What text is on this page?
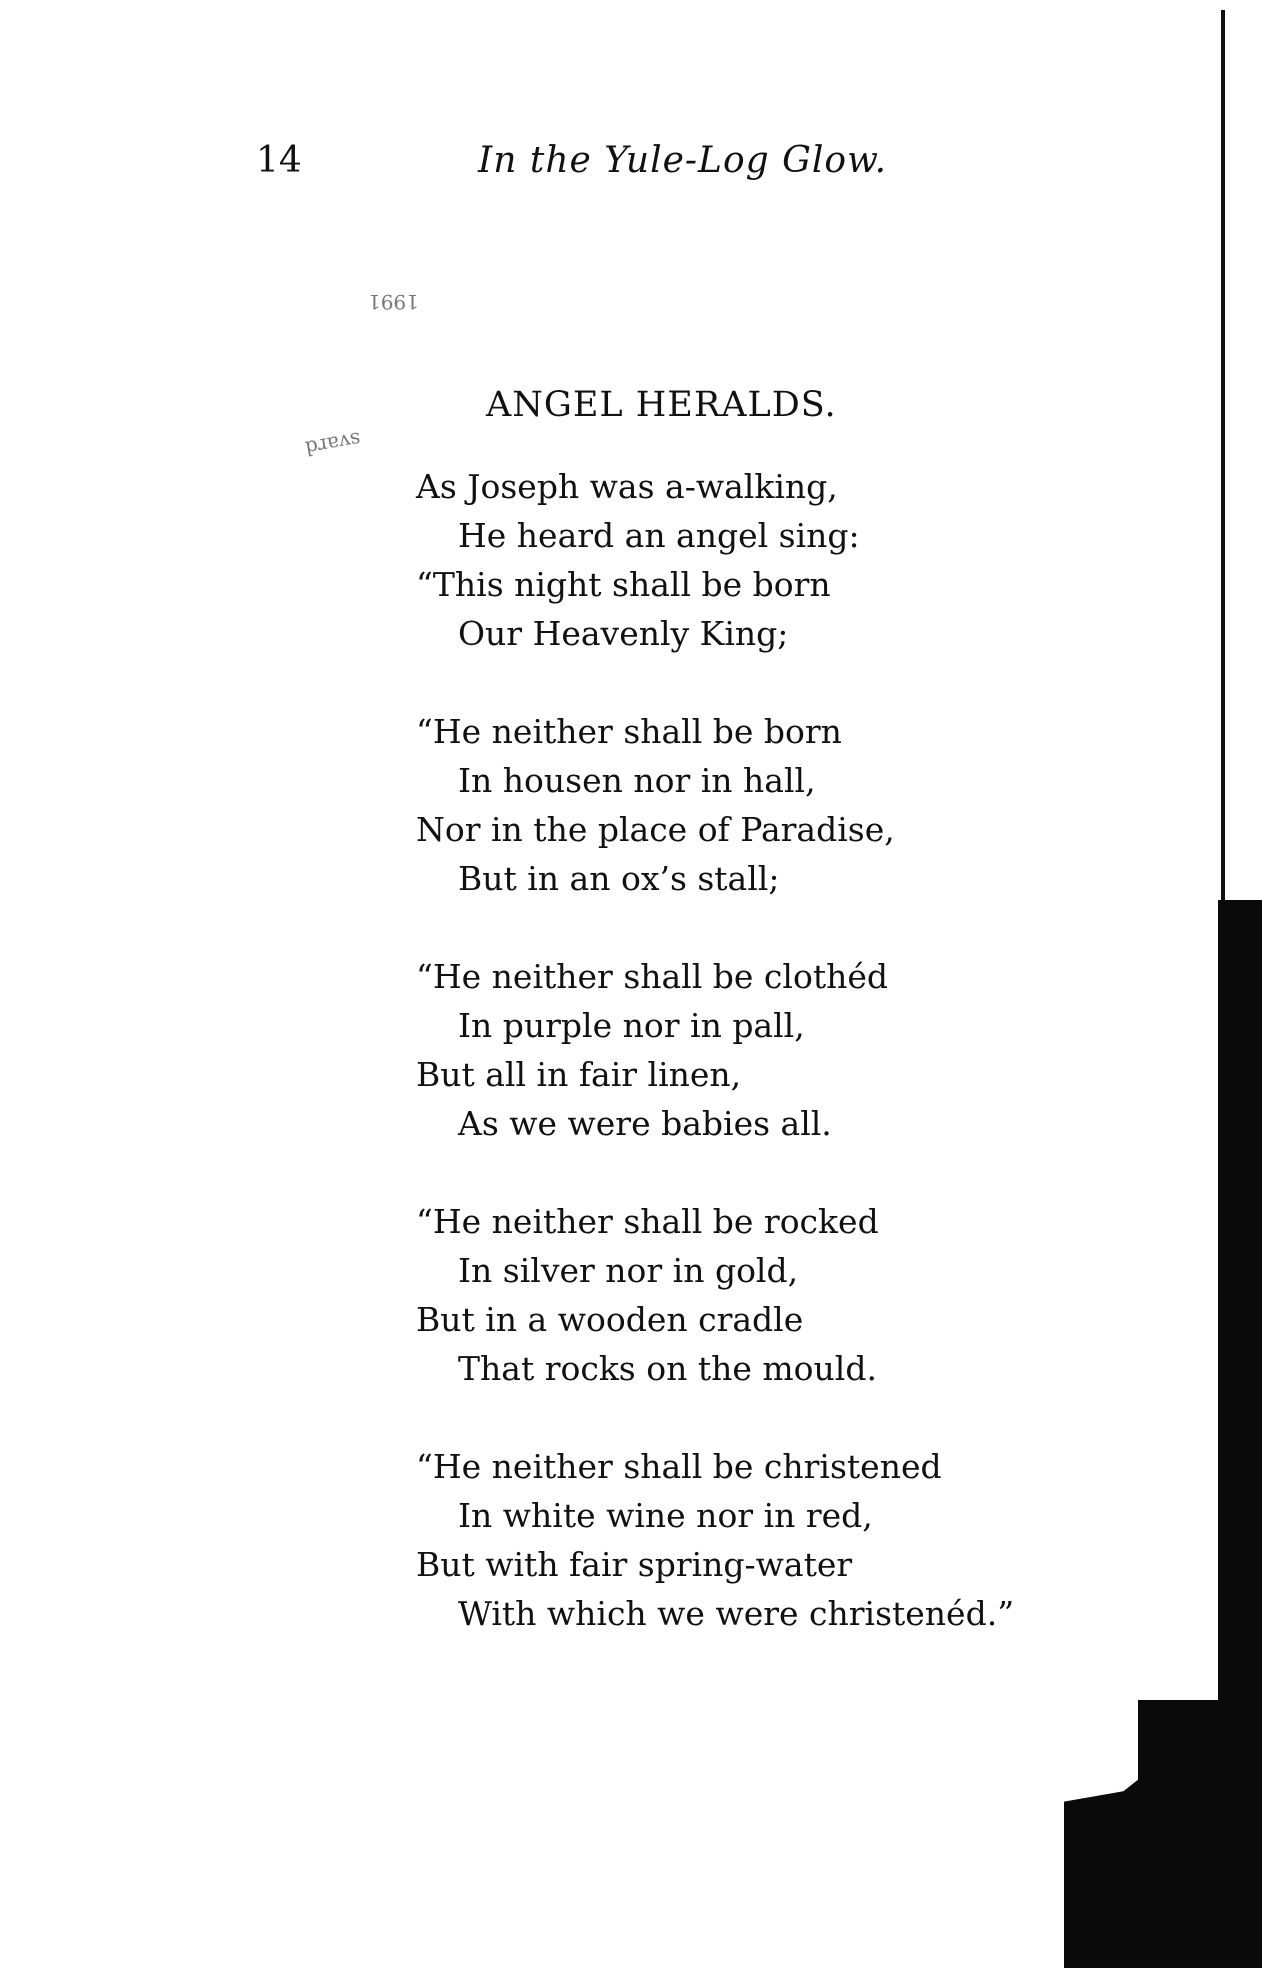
14	In the Yule-Log Glow.
1991
svard
ANGEL HERALDS.
As Joseph was a-walking,
He heard an angel sing:
“This night shall be born
Our Heavenly King;
“He neither shall be born
In housen nor in hall,
Nor in the place of Paradise,
But in an ox’s stall;
“He neither shall be clothéd
In purple nor in pall,
But all in fair linen,
As we were babies all.
“He neither shall be rocked
In silver nor in gold,
But in a wooden cradle
That rocks on the mould.
“He neither shall be christened
In white wine nor in red,
But with fair spring-water
With which we were christenéd.”
